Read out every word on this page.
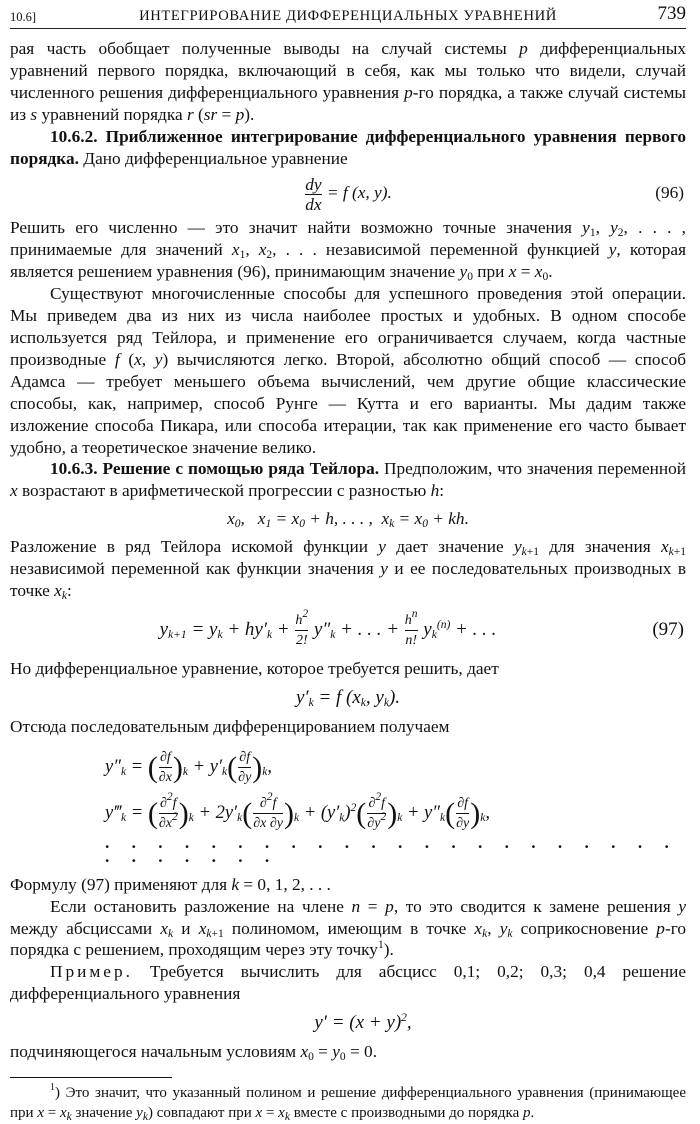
10.6]	ИНТЕГРИРОВАНИЕ ДИФФЕРЕНЦИАЛЬНЫХ УРАВНЕНИЙ	739

рая часть обобщает полученные выводы на случай системы p дифференциальных уравнений первого порядка, включающий в себя, как мы только что видели, случай численного решения дифференциального уравнения p-го порядка, а также случай системы из s уравнений порядка r (sr = p).

10.6.2. Приближенное интегрирование дифференциального уравнения первого порядка. Дано дифференциальное уравнение

$\frac{dy}{dx} = f$ (x, y).	(96)

Решить его численно — это значит найти возможно точные значения $y_1$, $y_2$, . . . , принимаемые для значений $x_1$, $x_2$, . . . независимой переменной функцией y, которая является решением уравнения (96), принимающим значение $y_0$ при $x = x_0$.

Существуют многочисленные способы для успешного проведения этой операции. Мы приведем два из них из числа наиболее простых и удобных. В одном способе используется ряд Тейлора, и применение его ограничивается случаем, когда частные производные f (x, y) вычисляются легко. Второй, абсолютно общий способ — способ Адамса — требует меньшего объема вычислений, чем другие общие классические способы, как, например, способ Рунге — Кутта и его варианты. Мы дадим также изложение способа Пикара, или способа итерации, так как применение его часто бывает удобно, а теоретическое значение велико.

10.6.3. Решение с помощью ряда Тейлора. Предположим, что значения переменной x возрастают в арифметической прогрессии с разностью h:

$x_0$,   $x_1 = x_0 + h$, . . . ,  $x_k = x_0$ + kh.

Разложение в ряд Тейлора искомой функции y дает значение $y_{k+1}$ для значения $x_{k+1}$ независимой переменной как функции значения y и ее последовательных производных в точке $x_k$:

$y_{k+1} = y_k + hy'_k + \frac{h^2}{2!} y''_k$ + . . . + $\frac{h^n}{n!} y_k^{(n)}$ + . . .	(97)

Но дифференциальное уравнение, которое требуется решить, дает

$y'_k = f$ ($x_k$, $y_k$).

Отсюда последовательным дифференцированием получаем

$y''_k$ = ( $\frac{\partial f}{\partial x} )_k + y'_k( \frac{\partial f}{\partial y} )_k$,
$y‴_k$ = ( $\frac{\partial^2f}{\partial x^2} )_k + 2y'_k( \frac{\partial^2f}{\partial x \partial y} )_k + (y'_k)^2( \frac{\partial^2f}{\partial y^2} )_k + y''_k( \frac{\partial f}{\partial y} )_k$,
. . . . . . . . . . . . . . . . . . . . . . . . . . . . .

Формулу (97) применяют для k = 0, 1, 2, . . .

Если остановить разложение на члене n = p, то это сводится к замене решения y между абсциссами $x_k$ и $x_{k+1}$ полиномом, имеющим в точке $x_k$, $y_k$ соприкосновение p-го порядка с решением, проходящим через эту точку$^1$).

Пример. Требуется вычислить для абсцисс 0,1; 0,2; 0,3; 0,4 решение дифференциального уравнения

$y' = (x + y)^2$,

подчиняющегося начальным условиям $x_0 = y_0 = 0$.

$^1$) Это значит, что указанный полином и решение дифференциального уравнения (принимающее при $x = x_k$ значение $y_k$) совпадают при $x = x_k$ вместе с производными до порядка p.
